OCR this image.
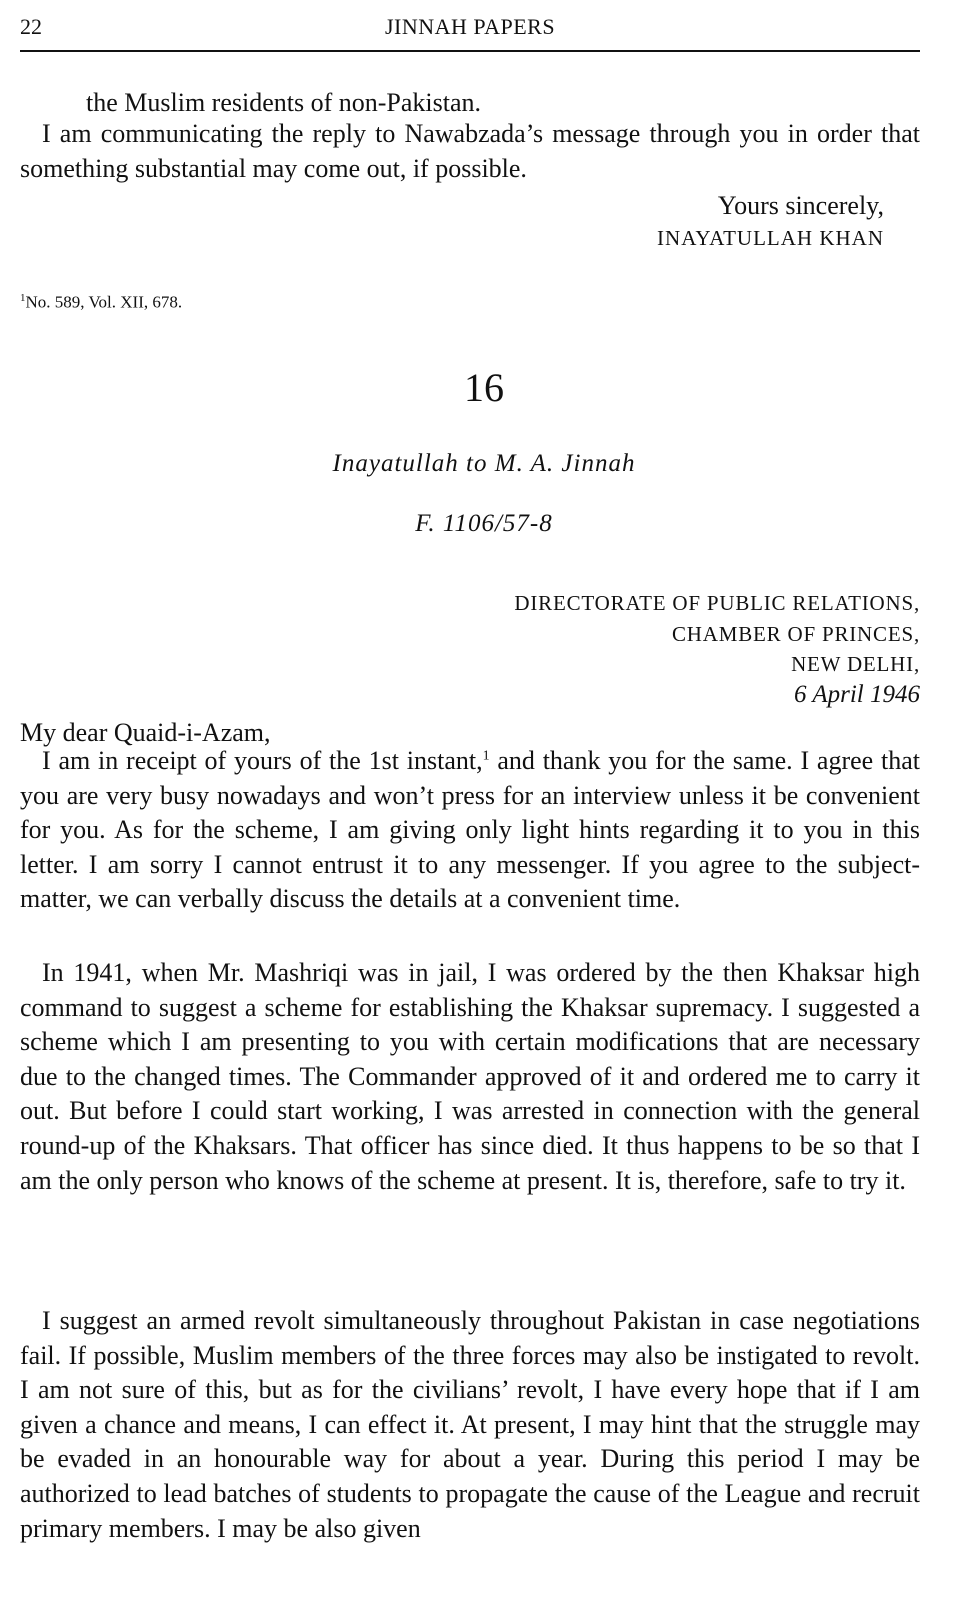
22	JINNAH PAPERS

the Muslim residents of non-Pakistan.

I am communicating the reply to Nawabzada’s message through you in order that something substantial may come out, if possible.

Yours sincerely,
INAYATULLAH KHAN
$^1$No. 589, Vol. XII, 678.
16
Inayatullah to M. A. Jinnah
F. 1106/57-8
DIRECTORATE OF PUBLIC RELATIONS,
CHAMBER OF PRINCES,
NEW DELHI,
6 April 1946
My dear Quaid-i-Azam,

I am in receipt of yours of the 1st instant,$^1$ and thank you for the same. I agree that you are very busy nowadays and won’t press for an interview unless it be convenient for you. As for the scheme, I am giving only light hints regarding it to you in this letter. I am sorry I cannot entrust it to any messenger. If you agree to the subject-matter, we can verbally discuss the details at a convenient time.

In 1941, when Mr. Mashriqi was in jail, I was ordered by the then Khaksar high command to suggest a scheme for establishing the Khaksar supremacy. I suggested a scheme which I am presenting to you with certain modifications that are necessary due to the changed times. The Commander approved of it and ordered me to carry it out. But before I could start working, I was arrested in connection with the general round-up of the Khaksars. That officer has since died. It thus happens to be so that I am the only person who knows of the scheme at present. It is, therefore, safe to try it.

I suggest an armed revolt simultaneously throughout Pakistan in case negotiations fail. If possible, Muslim members of the three forces may also be instigated to revolt. I am not sure of this, but as for the civilians’ revolt, I have every hope that if I am given a chance and means, I can effect it. At present, I may hint that the struggle may be evaded in an honourable way for about a year. During this period I may be authorized to lead batches of students to propagate the cause of the League and recruit primary members. I may be also given
